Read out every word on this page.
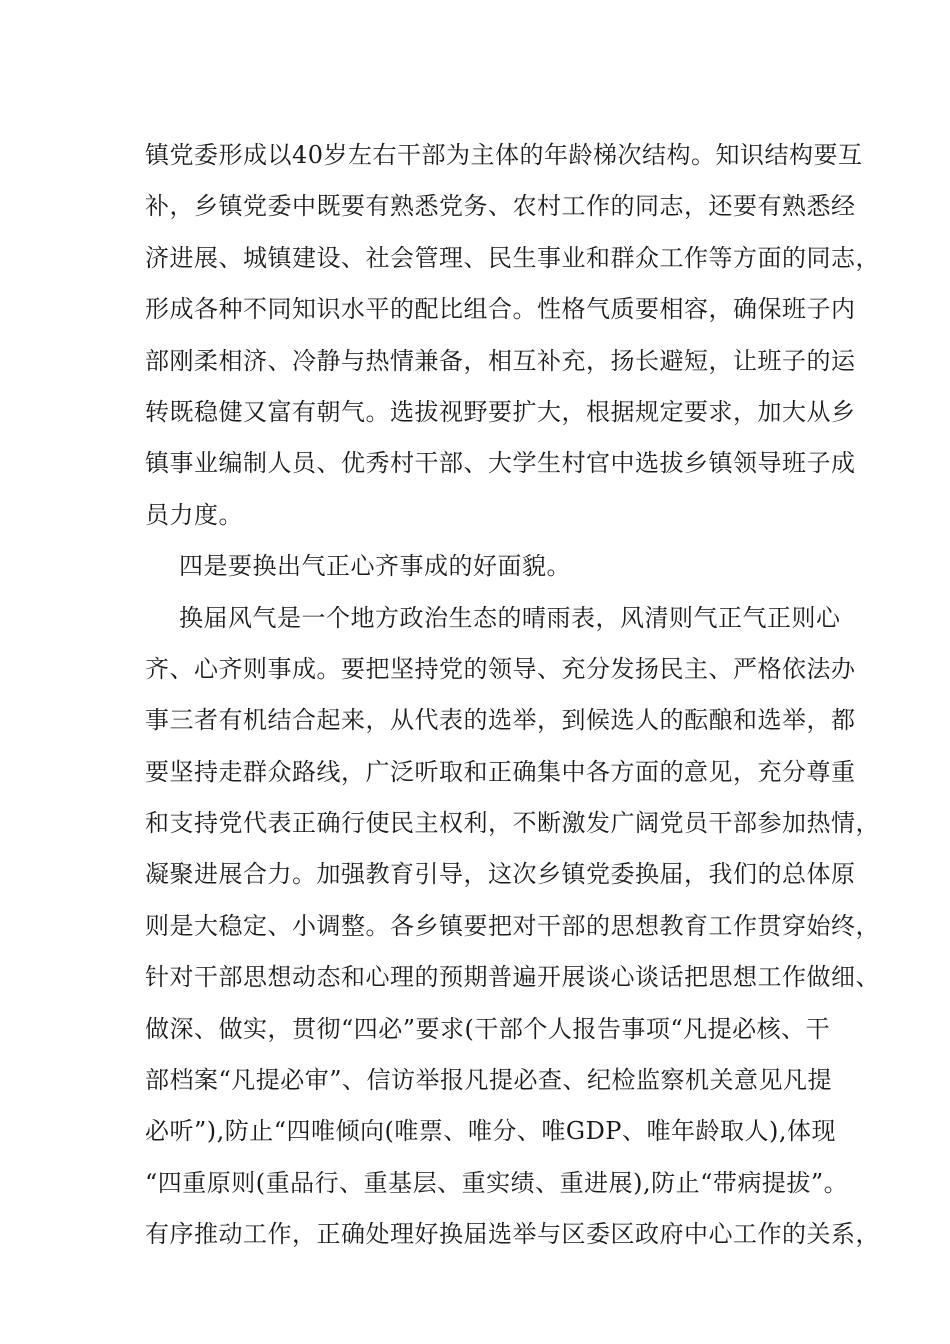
镇党委形成以40岁左右干部为主体的年龄梯次结构。知识结构要互
补，乡镇党委中既要有熟悉党务、农村工作的同志，还要有熟悉经
济进展、城镇建设、社会管理、民生事业和群众工作等方面的同志，
形成各种不同知识水平的配比组合。性格气质要相容，确保班子内
部刚柔相济、冷静与热情兼备，相互补充，扬长避短，让班子的运
转既稳健又富有朝气。选拔视野要扩大，根据规定要求，加大从乡
镇事业编制人员、优秀村干部、大学生村官中选拔乡镇领导班子成
员力度。
四是要换出气正心齐事成的好面貌。
换届风气是一个地方政治生态的晴雨表，风清则气正气正则心
齐、心齐则事成。要把坚持党的领导、充分发扬民主、严格依法办
事三者有机结合起来，从代表的选举，到候选人的酝酿和选举，都
要坚持走群众路线，广泛听取和正确集中各方面的意见，充分尊重
和支持党代表正确行使民主权利，不断激发广阔党员干部参加热情，
凝聚进展合力。加强教育引导，这次乡镇党委换届，我们的总体原
则是大稳定、小调整。各乡镇要把对干部的思想教育工作贯穿始终，
针对干部思想动态和心理的预期普遍开展谈心谈话把思想工作做细、
做深、做实，贯彻“四必”要求(干部个人报告事项“凡提必核、干
部档案“凡提必审”、信访举报凡提必查、纪检监察机关意见凡提
必听”),防止“四唯倾向(唯票、唯分、唯GDP、唯年龄取人),体现
“四重原则(重品行、重基层、重实绩、重进展),防止“带病提拔”。
有序推动工作，正确处理好换届选举与区委区政府中心工作的关系，
